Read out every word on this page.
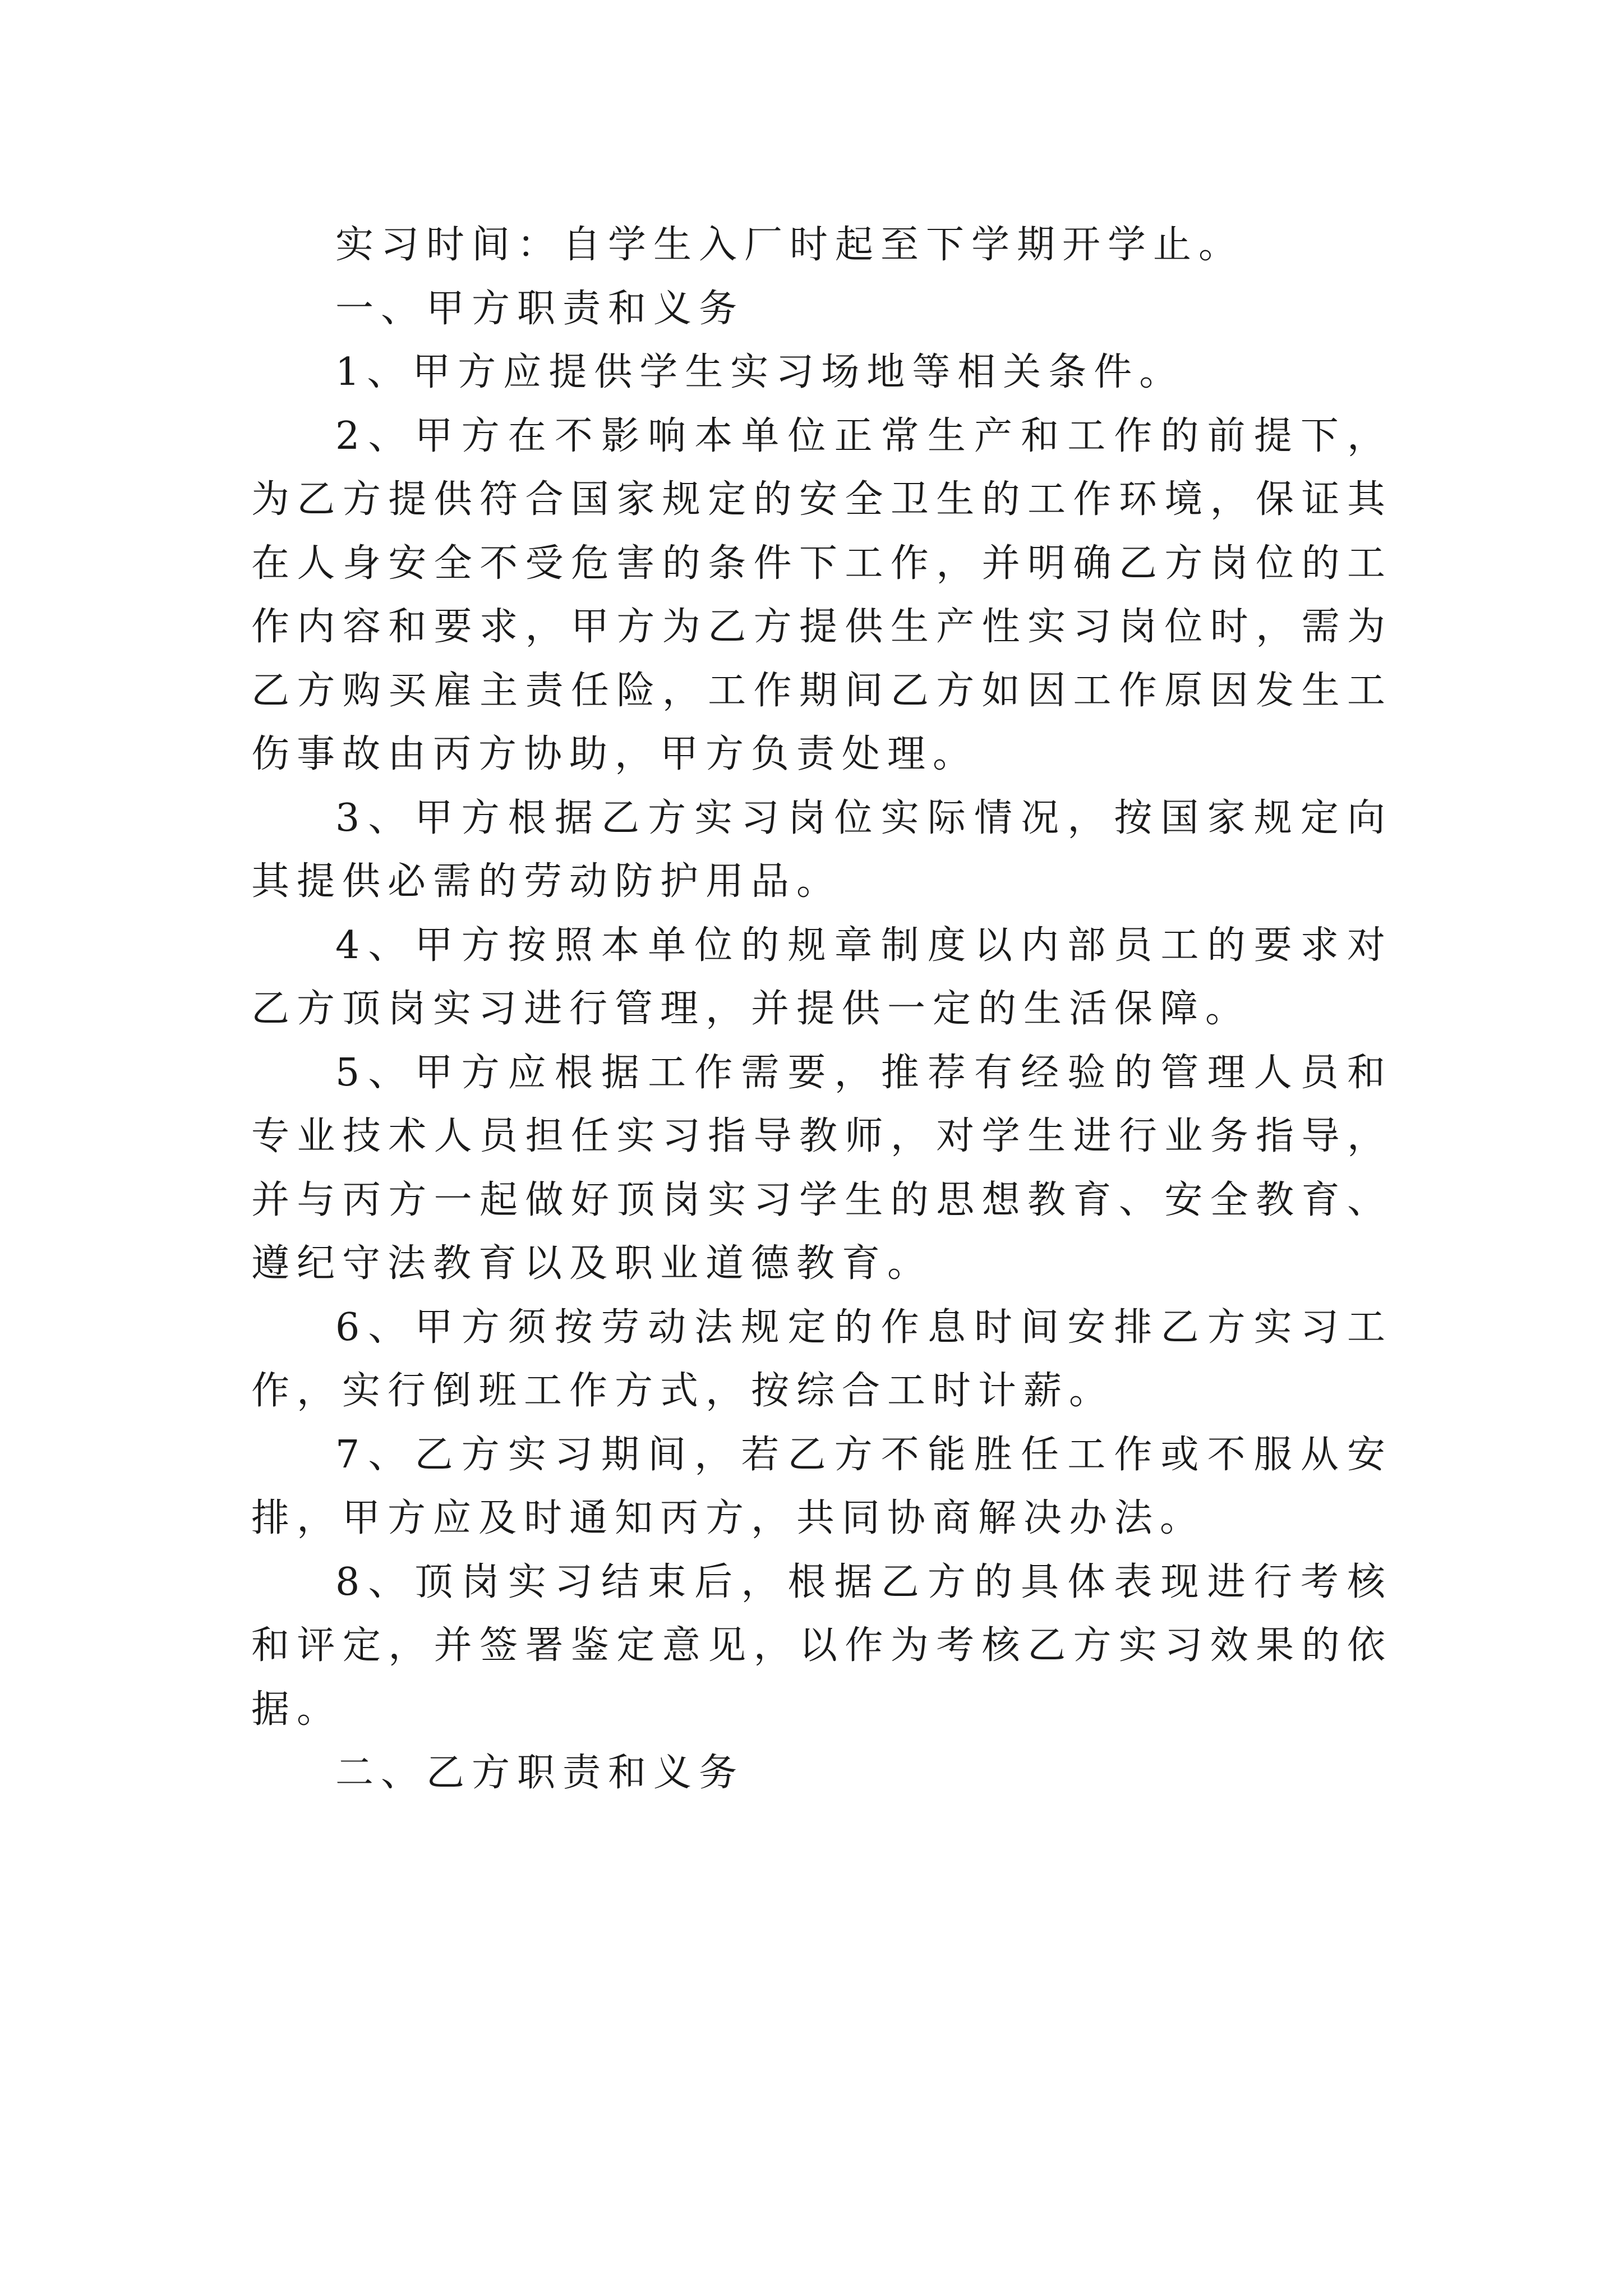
实习时间：自学生入厂时起至下学期开学止。

一、甲方职责和义务

1、甲方应提供学生实习场地等相关条件。

2、甲方在不影响本单位正常生产和工作的前提下，为乙方提供符合国家规定的安全卫生的工作环境，保证其在人身安全不受危害的条件下工作，并明确乙方岗位的工作内容和要求，甲方为乙方提供生产性实习岗位时，需为乙方购买雇主责任险，工作期间乙方如因工作原因发生工伤事故由丙方协助，甲方负责处理。

3、甲方根据乙方实习岗位实际情况，按国家规定向其提供必需的劳动防护用品。

4、甲方按照本单位的规章制度以内部员工的要求对乙方顶岗实习进行管理，并提供一定的生活保障。

5、甲方应根据工作需要，推荐有经验的管理人员和专业技术人员担任实习指导教师，对学生进行业务指导，并与丙方一起做好顶岗实习学生的思想教育、安全教育、遵纪守法教育以及职业道德教育。

6、甲方须按劳动法规定的作息时间安排乙方实习工作，实行倒班工作方式，按综合工时计薪。

7、乙方实习期间，若乙方不能胜任工作或不服从安排，甲方应及时通知丙方，共同协商解决办法。

8、顶岗实习结束后，根据乙方的具体表现进行考核和评定，并签署鉴定意见，以作为考核乙方实习效果的依据。

二、乙方职责和义务
